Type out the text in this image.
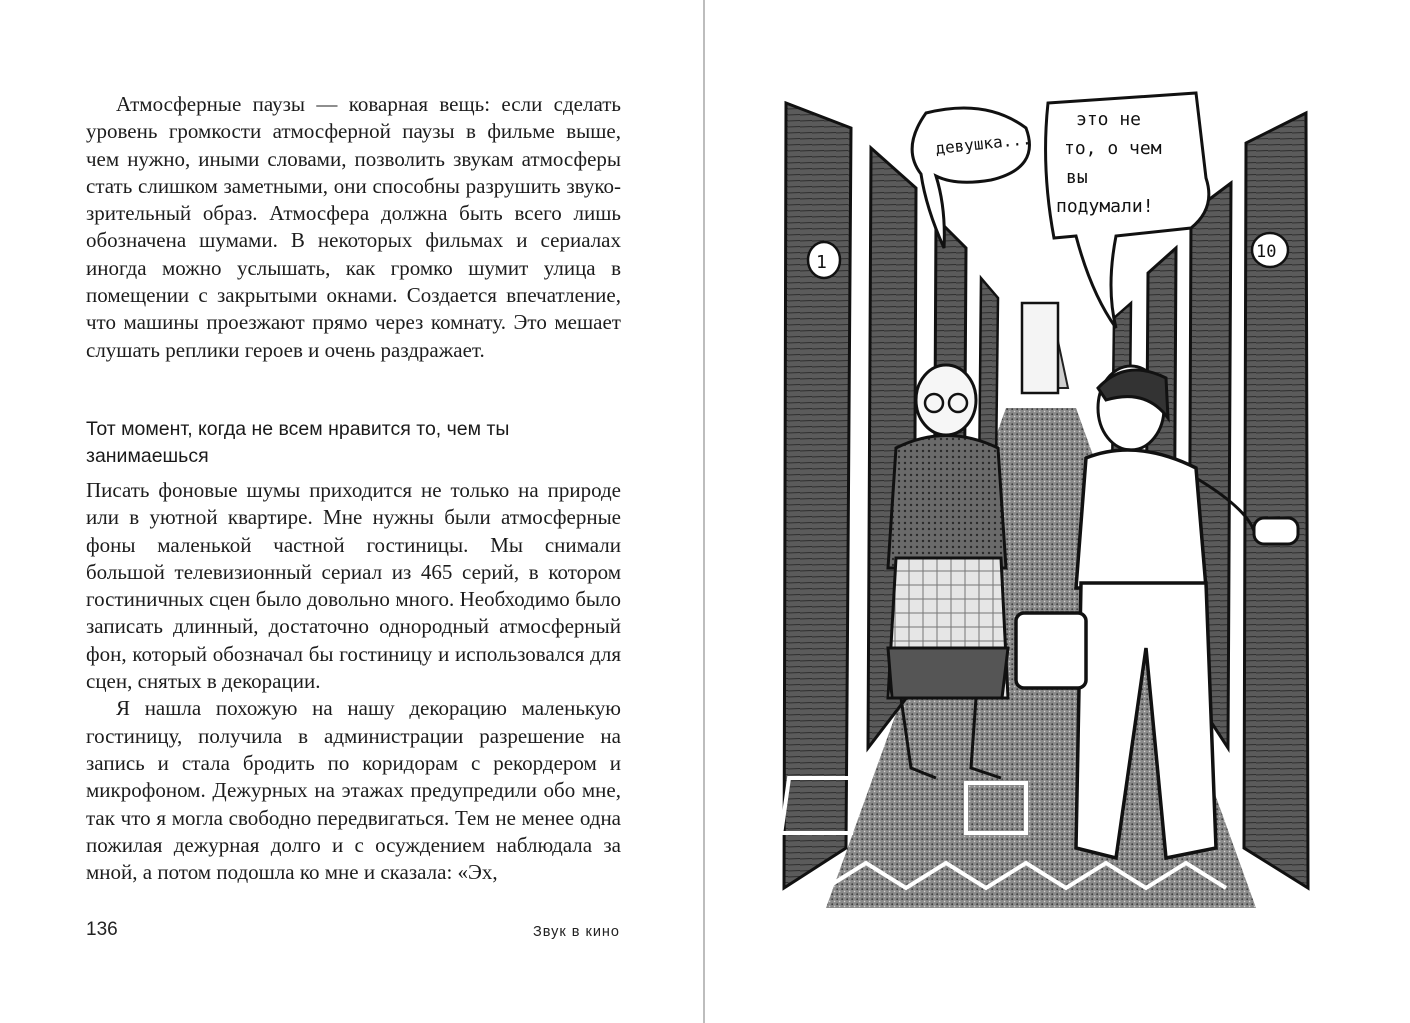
Атмосферные паузы — коварная вещь: если сделать уровень громкости атмосферной паузы в фильме выше, чем нужно, иными словами, позволить звукам атмосферы стать слишком заметными, они способны разрушить звуко-зрительный образ. Атмосфера должна быть всего лишь обозначена шумами. В некоторых фильмах и сериалах иногда можно услышать, как громко шумит улица в помещении с закрытыми окнами. Создается впечатление, что машины проезжают прямо через комнату. Это мешает слушать реплики героев и очень раздражает.

Тот момент, когда не всем нравится то, чем ты занимаешься

Писать фоновые шумы приходится не только на природе или в уютной квартире. Мне нужны были атмосферные фоны маленькой частной гостиницы. Мы снимали большой телевизионный сериал из 465 серий, в котором гостиничных сцен было довольно много. Необходимо было записать длинный, достаточно однородный атмосферный фон, который обозначал бы гостиницу и использовался для сцен, снятых в декорации.

Я нашла похожую на нашу декорацию маленькую гостиницу, получила в администрации разрешение на запись и стала бродить по коридорам с рекордером и микрофоном. Дежурных на этажах предупредили обо мне, так что я могла свободно передвигаться. Тем не менее одна пожилая дежурная долго и с осуждением наблюдала за мной, а потом подошла ко мне и сказала: «Эх,

136	Звук в кино
1	10
девушка...
это не то, о чем вы подумали!
